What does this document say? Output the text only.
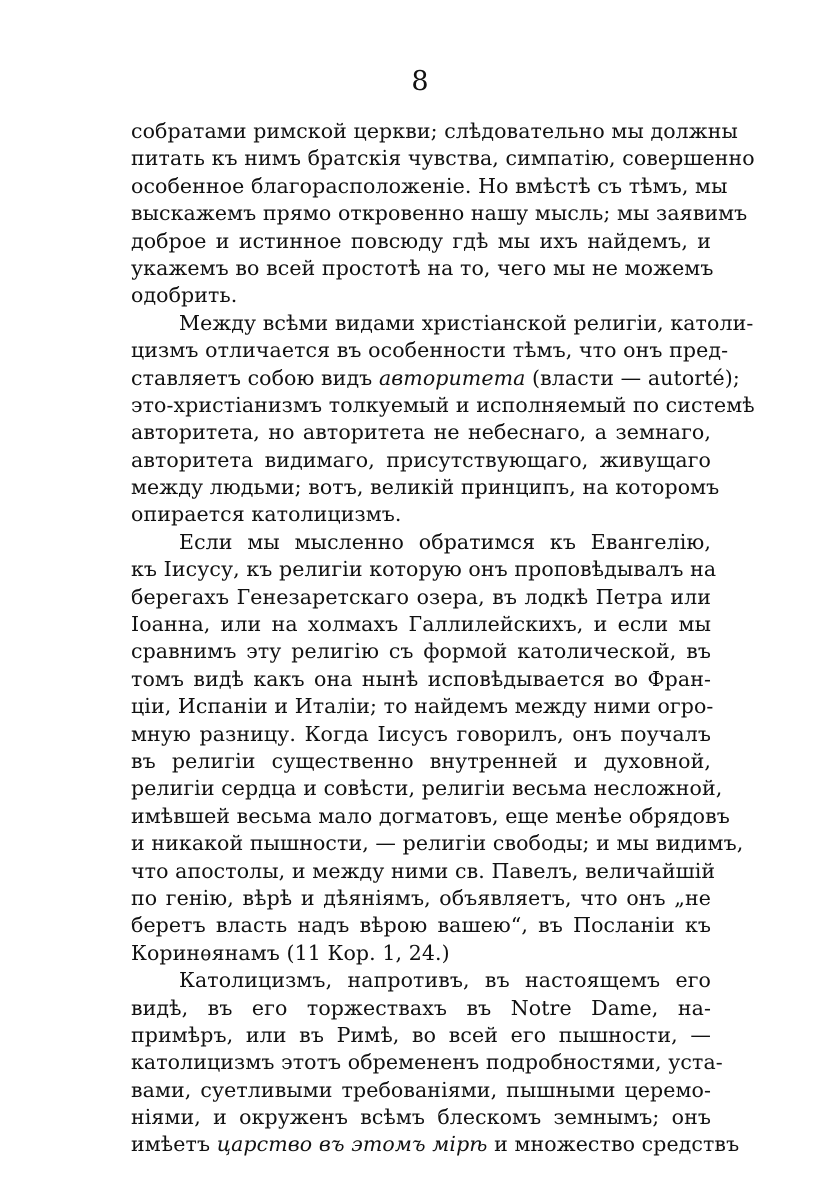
8
собратами римской церкви; слѣдовательно мы должны
питать къ нимъ братскія чувства, симпатію, совершенно
особенное благорасположеніе. Но вмѣстѣ съ тѣмъ, мы
выскажемъ прямо откровенно нашу мысль; мы заявимъ
доброе и истинное повсюду гдѣ мы ихъ найдемъ, и
укажемъ во всей простотѣ на то, чего мы не можемъ
одобрить.
Между всѣми видами христіанской религіи, католи-
цизмъ отличается въ особенности тѣмъ, что онъ пред-
ставляетъ собою видъ авторитета (власти — autorté);
это-христіанизмъ толкуемый и исполняемый по системѣ
авторитета, но авторитета не небеснаго, а земнаго,
авторитета видимаго, присутствующаго, живущаго
между людьми; вотъ, великій принципъ, на которомъ
опирается католицизмъ.
Если мы мысленно обратимся къ Евангелію,
къ Іисусу, къ религіи которую онъ проповѣдывалъ на
берегахъ Генезаретскаго озера, въ лодкѣ Петра или
Іоанна, или на холмахъ Галлилейскихъ, и если мы
сравнимъ эту религію съ формой католической, въ
томъ видѣ какъ она нынѣ исповѣдывается во Фран-
ціи, Испаніи и Италіи; то найдемъ между ними огро-
мную разницу. Когда Іисусъ говорилъ, онъ поучалъ
въ религіи существенно внутренней и духовной,
религіи сердца и совѣсти, религіи весьма несложной,
имѣвшей весьма мало догматовъ, еще менѣе обрядовъ
и никакой пышности, — религіи свободы; и мы видимъ,
что апостолы, и между ними св. Павелъ, величайшій
по генію, вѣрѣ и дѣяніямъ, объявляетъ, что онъ „не
беретъ власть надъ вѣрою вашею“, въ Посланіи къ
Коринѳянамъ (11 Кор. 1, 24.)
Католицизмъ, напротивъ, въ настоящемъ его
видѣ, въ его торжествахъ въ Notre Dame, на-
примѣръ, или въ Римѣ, во всей его пышности, —
католицизмъ этотъ обремененъ подробностями, уста-
вами, суетливыми требованіями, пышными церемо-
ніями, и окруженъ всѣмъ блескомъ земнымъ; онъ
имѣетъ царство въ этомъ мірѣ и множество средствъ
